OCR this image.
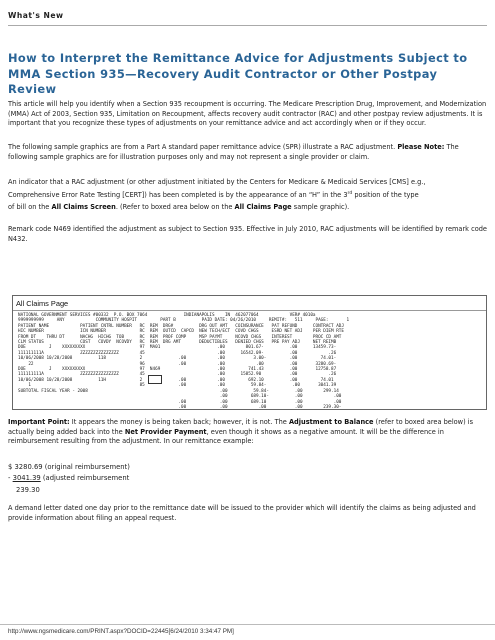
What's New
How to Interpret the Remittance Advice for Adjustments Subject to MMA Section 935—Recovery Audit Contractor or Other Postpay Review

This article will help you identify when a Section 935 recoupment is occurring. The Medicare Prescription Drug, Improvement, and Modernization (MMA) Act of 2003, Section 935, Limitation on Recoupment, affects recovery audit contractor (RAC) and other postpay review adjustments. It is important that you recognize these types of adjustments on your remittance advice and act accordingly when or if they occur.

The following sample graphics are from a Part A standard paper remittance advice (SPR) illustrate a RAC adjustment. Please Note: The following sample graphics are for illustration purposes only and may not represent a single provider or claim.

An indicator that a RAC adjustment (or other adjustment initiated by the Centers for Medicare & Medicaid Services [CMS] e.g.,

Comprehensive Error Rate Testing [CERT]) has been completed is by the appearance of an “H” in the 3rd position of the type

of bill on the All Claims Screen. (Refer to boxed area below on the All Claims Page sample graphic).

Remark code N469 identified the adjustment as subject to Section 935. Effective in July 2010, RAC adjustments will be identified by remark code N432.

All Claims Page
NATIONAL GOVERNMENT SERVICES #00332  P.O. BOX 7064              INDIANAPOLIS    IN  462077064            VER# 4010a
9999999999     ANY            COMMUNITY HOSPIT         PART B          PAID DATE: 04/26/2010     REMIT#:   511     PAGE:       1
PATIENT NAME            PATIENT CNTRL NUMBER   RC  REM  DRG#          DRG OUT AMT   COINSURANCE   PAT REFUND      CONTRACT ADJ
HIC NUMBER              ICN NUMBER             RC  REM  OUTCD  CAPCD  NEW TECH/ECT  COVD CHGS     ESRD NET ADJ    PER DIEM RTE
FROM DT    THRU DT      NACHG  HICHG  TOB      RC  REM  PROF COMP     MSP PAYMT     NCOVD CHGS    INTEREST        PROC CD AMT
CLM STATUS              COST   COVDY  NCOVDY   RC  REM  DRG AMT       DEDUCTIBLES   DENIED CHGS   PRE PAY ADJ     NET REIMB
DOE         J    XXXXXXXXX                     97  MA01                      .00        801.67-          .00      13459.73-
111111111A              ZZZZZZZZZZZZZZZ        45                            .00      16542.09-          .00            .26
10/06/2008 10/28/2008          118             2              .00            .00           3.00-         .00         74.01-
22                                         96             .00            .00            .00          .00       3280.69-
DOE         J    XXXXXXXXX                     97  N469                      .00         741.43          .00       12758.87
111111111A              ZZZZZZZZZZZZZZZ        45                            .00      15852.90           .00            .26
10/06/2008 10/28/2008          11H             2              .00            .00         692.10          .00         74.01
1                                          85             .00            .00          59.84-          .00       3041.39
SUBTOTAL FISCAL YEAR - 2008                                                   .00          59.84-          .00        299.14
.00         689.10-          .00            .00
.00             .00         689.10           .00            .00
.00             .00            .00           .00        239.30-

Important Point: It appears the money is being taken back; however, it is not. The Adjustment to Balance (refer to boxed area below) is actually being added back into the Net Provider Payment, even though it shows as a negative amount. It will be the difference in reimbursement resulting from the adjustment. In our remittance example:

$ 3280.69 (original reimbursement)
- 3041.39 (adjusted reimbursement
239.30

A demand letter dated one day prior to the remittance date will be issued to the provider which will identify the claims as being adjusted and provide information about filing an appeal request.

http://www.ngsmedicare.com/PRINT.aspx?DOCID=22445[6/24/2010 3:34:47 PM]
